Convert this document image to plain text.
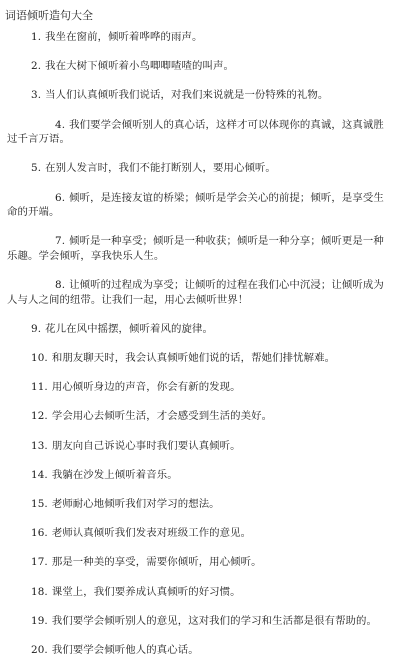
词语倾听造句大全
1. 我坐在窗前，倾听着哗哗的雨声。
2. 我在大树下倾听着小鸟唧唧喳喳的叫声。
3. 当人们认真倾听我们说话，对我们来说就是一份特殊的礼物。
4. 我们要学会倾听别人的真心话，这样才可以体现你的真诚，这真诚胜过千言万语。
5. 在别人发言时，我们不能打断别人，要用心倾听。
6. 倾听，是连接友谊的桥梁；倾听是学会关心的前提；倾听，是享受生命的开端。
7. 倾听是一种享受；倾听是一种收获；倾听是一种分享；倾听更是一种乐趣。学会倾听，享我快乐人生。
8. 让倾听的过程成为享受；让倾听的过程在我们心中沉浸；让倾听成为人与人之间的纽带。让我们一起，用心去倾听世界！
9. 花儿在风中摇摆，倾听着风的旋律。
10. 和朋友聊天时，我会认真倾听她们说的话，帮她们排忧解难。
11. 用心倾听身边的声音，你会有新的发现。
12. 学会用心去倾听生活，才会感受到生活的美好。
13. 朋友向自己诉说心事时我们要认真倾听。
14. 我躺在沙发上倾听着音乐。
15. 老师耐心地倾听我们对学习的想法。
16. 老师认真倾听我们发表对班级工作的意见。
17. 那是一种美的享受，需要你倾听，用心倾听。
18. 课堂上，我们要养成认真倾听的好习惯。
19. 我们要学会倾听别人的意见，这对我们的学习和生活都是很有帮助的。
20. 我们要学会倾听他人的真心话。
